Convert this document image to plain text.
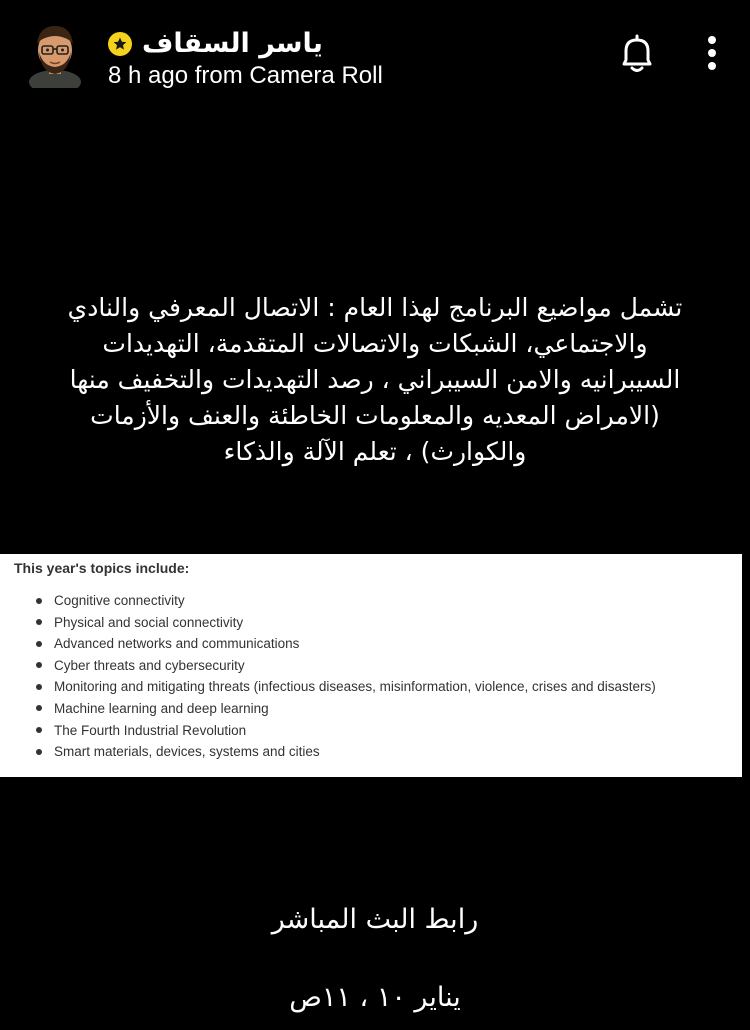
ياسر السقاف
8 h ago from Camera Roll
تشمل مواضيع البرنامج لهذا العام : الاتصال المعرفي والنادي
والاجتماعي، الشبكات والاتصالات المتقدمة، التهديدات
السيبرانيه والامن السيبراني ، رصد التهديدات والتخفيف منها
(الامراض المعديه والمعلومات الخاطئة والعنف والأزمات
والكوارث) ، تعلم الآلة والذكاء
This year's topics include:
Cognitive connectivity
Physical and social connectivity
Advanced networks and communications
Cyber threats and cybersecurity
Monitoring and mitigating threats (infectious diseases, misinformation, violence, crises and disasters)
Machine learning and deep learning
The Fourth Industrial Revolution
Smart materials, devices, systems and cities
رابط البث المباشر
يناير ١٠ ، ١١ص
